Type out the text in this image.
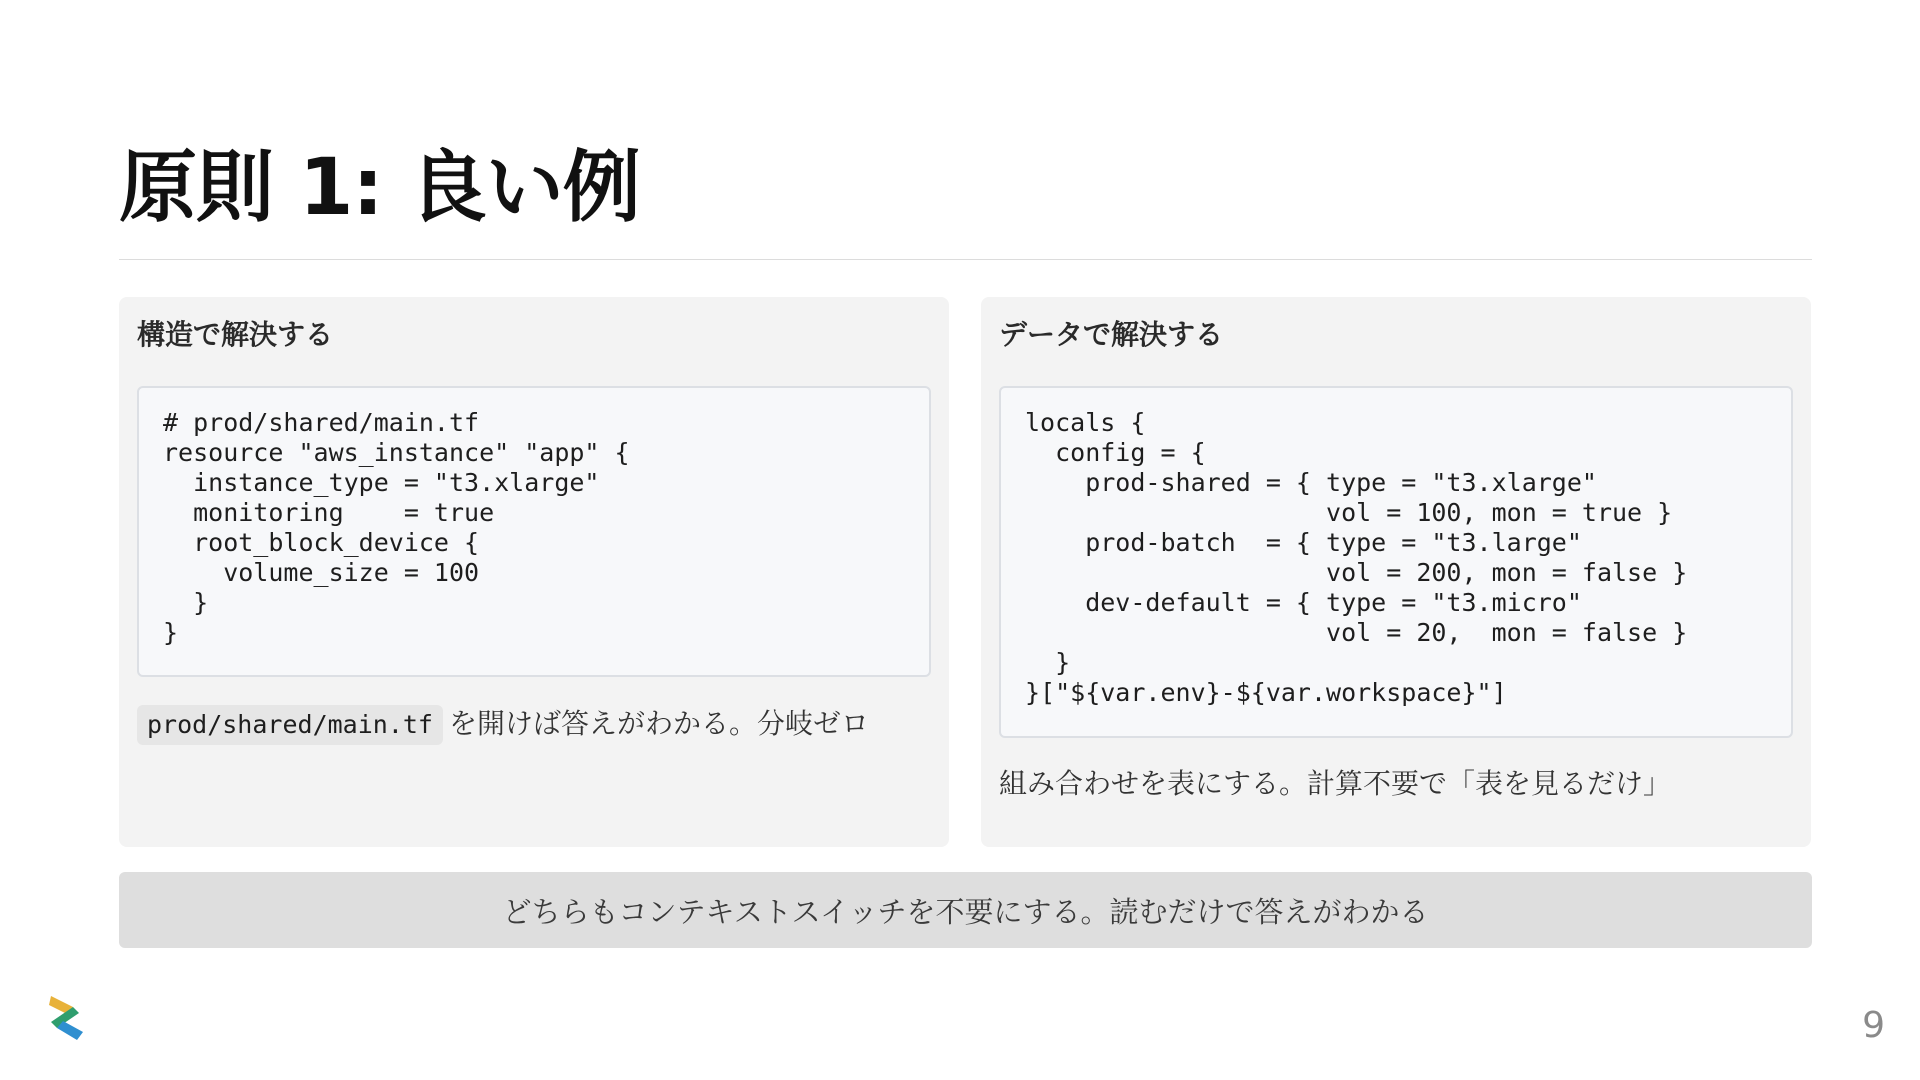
原則 1: 良い例
構造で解決する
# prod/shared/main.tf
resource "aws_instance" "app" {
instance_type = "t3.xlarge"
monitoring    = true
root_block_device {
volume_size = 100
}
}

prod/shared/main.tf を開けば答えがわかる。分岐ゼロ

データで解決する
locals {
config = {
prod-shared = { type = "t3.xlarge"
vol = 100, mon = true }
prod-batch  = { type = "t3.large"
vol = 200, mon = false }
dev-default = { type = "t3.micro"
vol = 20,  mon = false }
}
}["${var.env}-${var.workspace}"]

組み合わせを表にする。計算不要で「表を見るだけ」

どちらもコンテキストスイッチを不要にする。読むだけで答えがわかる
9
